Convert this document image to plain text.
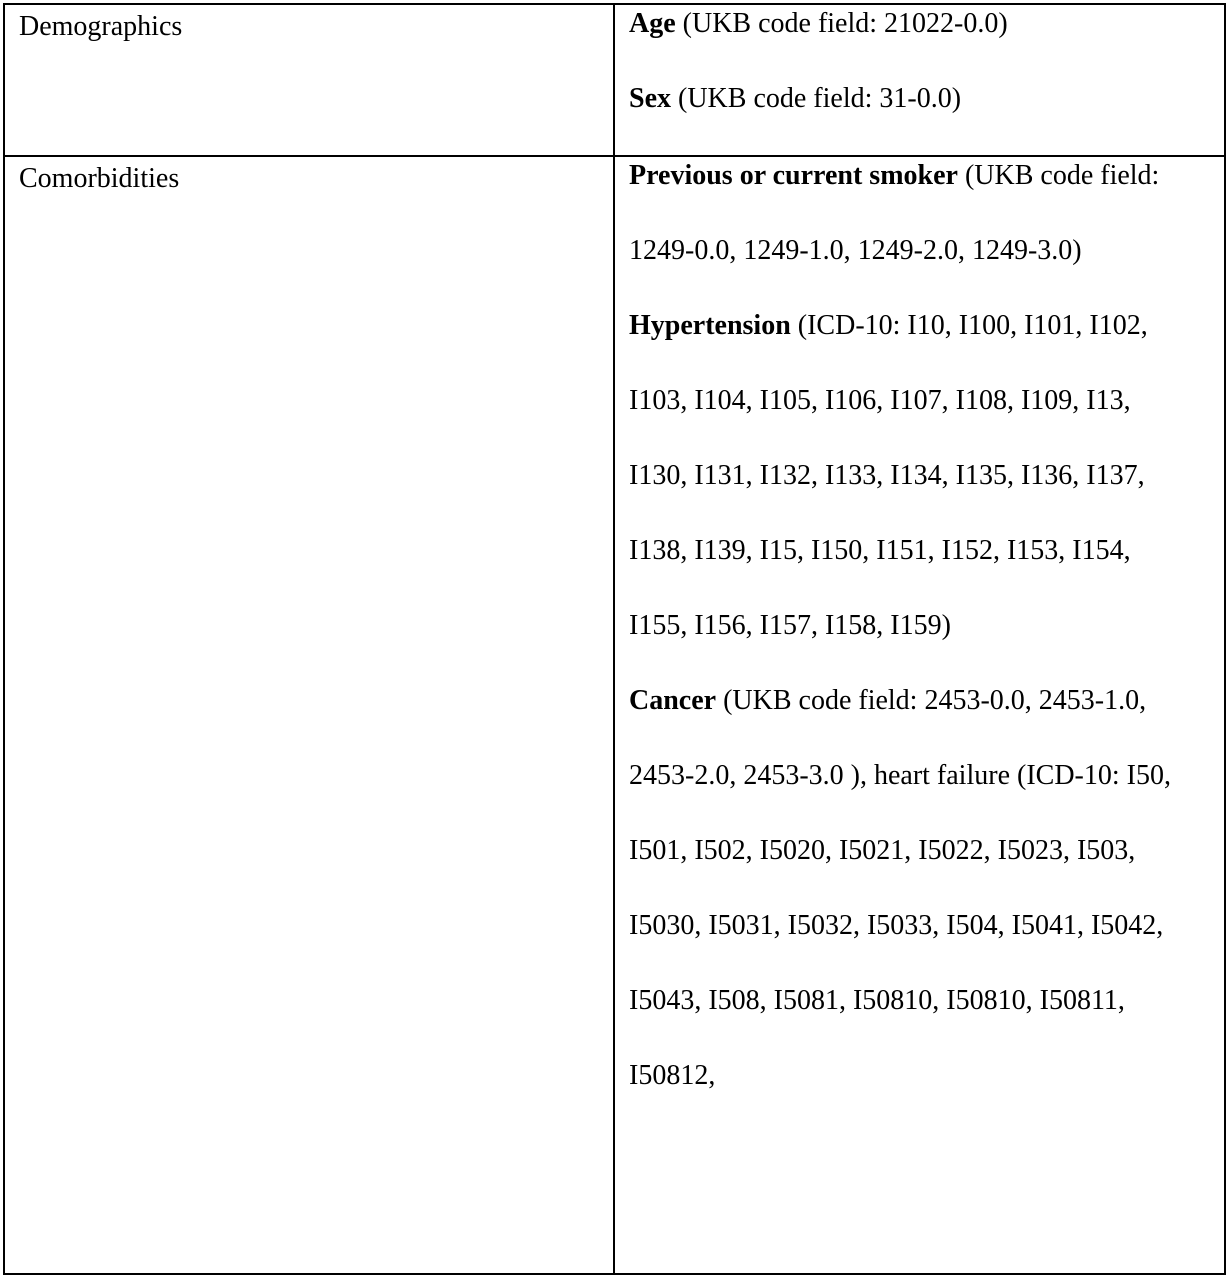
Demographics	Age (UKB code field: 21022-0.0)
Sex (UKB code field: 31-0.0)

Comorbidities	Previous or current smoker (UKB code field: 1249-0.0, 1249-1.0, 1249-2.0, 1249-3.0)
Hypertension (ICD-10: I10, I100, I101, I102, I103, I104, I105, I106, I107, I108, I109, I13, I130, I131, I132, I133, I134, I135, I136, I137, I138, I139, I15, I150, I151, I152, I153, I154, I155, I156, I157, I158, I159)
Cancer (UKB code field: 2453-0.0, 2453-1.0, 2453-2.0, 2453-3.0 ), heart failure (ICD-10: I50, I501, I502, I5020, I5021, I5022, I5023, I503, I5030, I5031, I5032, I5033, I504, I5041, I5042, I5043, I508, I5081, I50810, I50810, I50811, I50812,
